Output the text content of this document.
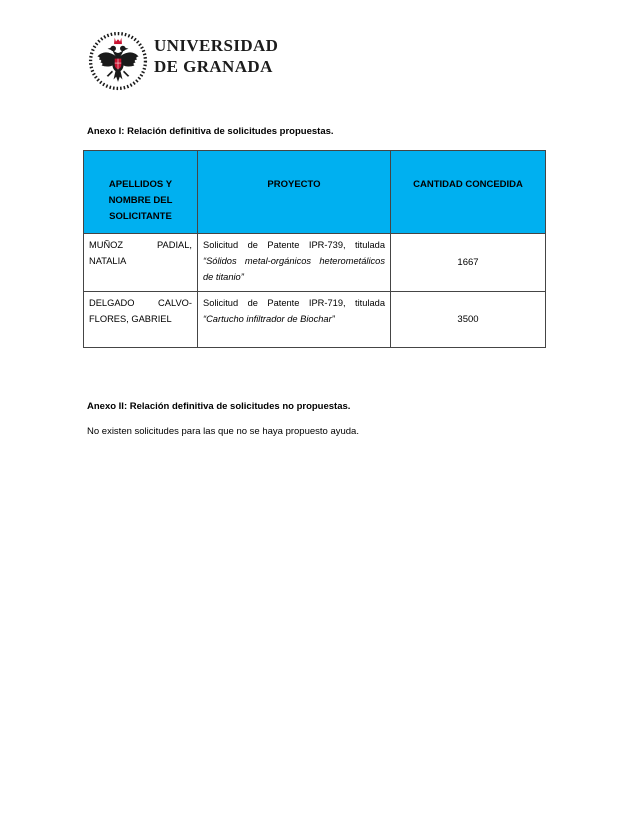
UNIVERSIDAD
DE GRANADA
Anexo I: Relación definitiva de solicitudes propuestas.
APELLIDOS Y NOMBRE DEL SOLICITANTE	PROYECTO	CANTIDAD CONCEDIDA
MUÑOZ PADIAL, NATALIA	Solicitud de Patente IPR-739, titulada “Sólidos metal-orgánicos heterometálicos de titanio”	1667
DELGADO CALVO-FLORES, GABRIEL	Solicitud de Patente IPR-719, titulada “Cartucho infiltrador de Biochar”	3500
Anexo II: Relación definitiva de solicitudes no propuestas.
No existen solicitudes para las que no se haya propuesto ayuda.
